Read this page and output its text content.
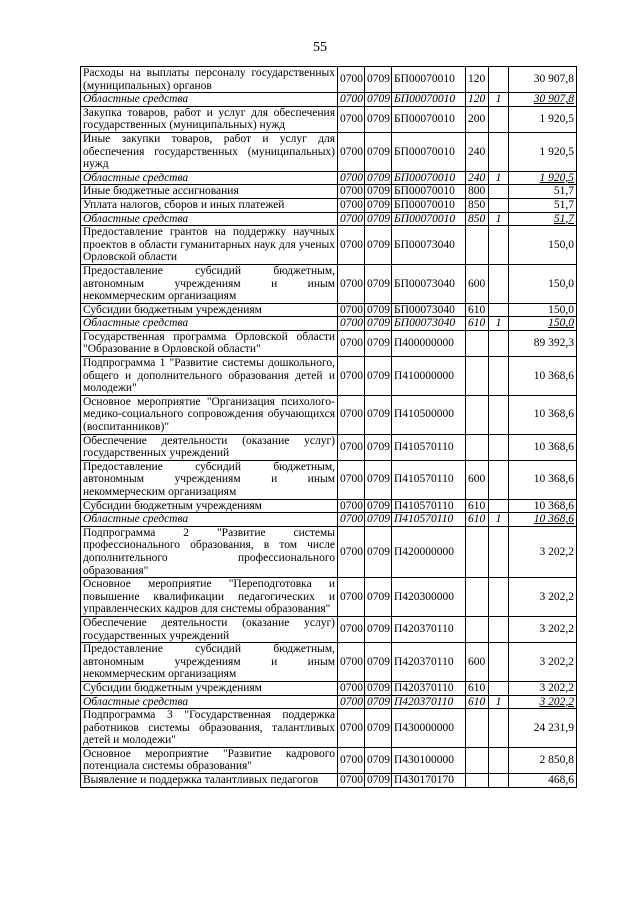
55
Расходы на выплаты персоналу государственных (муниципальных) органов	0700	0709	БП00070010	120		30 907,8
Областные средства	0700	0709	БП00070010	120	1	30 907,8
Закупка товаров, работ и услуг для обеспечения государственных (муниципальных) нужд	0700	0709	БП00070010	200		1 920,5
Иные закупки товаров, работ и услуг для обеспечения государственных (муниципальных) нужд	0700	0709	БП00070010	240		1 920,5
Областные средства	0700	0709	БП00070010	240	1	1 920,5
Иные бюджетные ассигнования	0700	0709	БП00070010	800		51,7
Уплата налогов, сборов и иных платежей	0700	0709	БП00070010	850		51,7
Областные средства	0700	0709	БП00070010	850	1	51,7
Предоставление грантов на поддержку научных проектов в области гуманитарных наук для ученых Орловской области	0700	0709	БП00073040			150,0
Предоставление субсидий бюджетным, автономным учреждениям и иным некоммерческим организациям	0700	0709	БП00073040	600		150,0
Субсидии бюджетным учреждениям	0700	0709	БП00073040	610		150,0
Областные средства	0700	0709	БП00073040	610	1	150,0
Государственная программа Орловской области "Образование в Орловской области"	0700	0709	П400000000			89 392,3
Подпрограмма 1 "Развитие системы дошкольного, общего и дополнительного образования детей и молодежи"	0700	0709	П410000000			10 368,6
Основное мероприятие "Организация психолого-медико-социального сопровождения обучающихся (воспитанников)"	0700	0709	П410500000			10 368,6
Обеспечение деятельности (оказание услуг) государственных учреждений	0700	0709	П410570110			10 368,6
Предоставление субсидий бюджетным, автономным учреждениям и иным некоммерческим организациям	0700	0709	П410570110	600		10 368,6
Субсидии бюджетным учреждениям	0700	0709	П410570110	610		10 368,6
Областные средства	0700	0709	П410570110	610	1	10 368,6
Подпрограмма 2 "Развитие системы профессионального образования, в том числе дополнительного профессионального образования"	0700	0709	П420000000			3 202,2
Основное мероприятие "Переподготовка и повышение квалификации педагогических и управленческих кадров для системы образования"	0700	0709	П420300000			3 202,2
Обеспечение деятельности (оказание услуг) государственных учреждений	0700	0709	П420370110			3 202,2
Предоставление субсидий бюджетным, автономным учреждениям и иным некоммерческим организациям	0700	0709	П420370110	600		3 202,2
Субсидии бюджетным учреждениям	0700	0709	П420370110	610		3 202,2
Областные средства	0700	0709	П420370110	610	1	3 202,2
Подпрограмма 3 "Государственная поддержка работников системы образования, талантливых детей и молодежи"	0700	0709	П430000000			24 231,9
Основное мероприятие "Развитие кадрового потенциала системы образования"	0700	0709	П430100000			2 850,8
Выявление и поддержка талантливых педагогов	0700	0709	П430170170			468,6
